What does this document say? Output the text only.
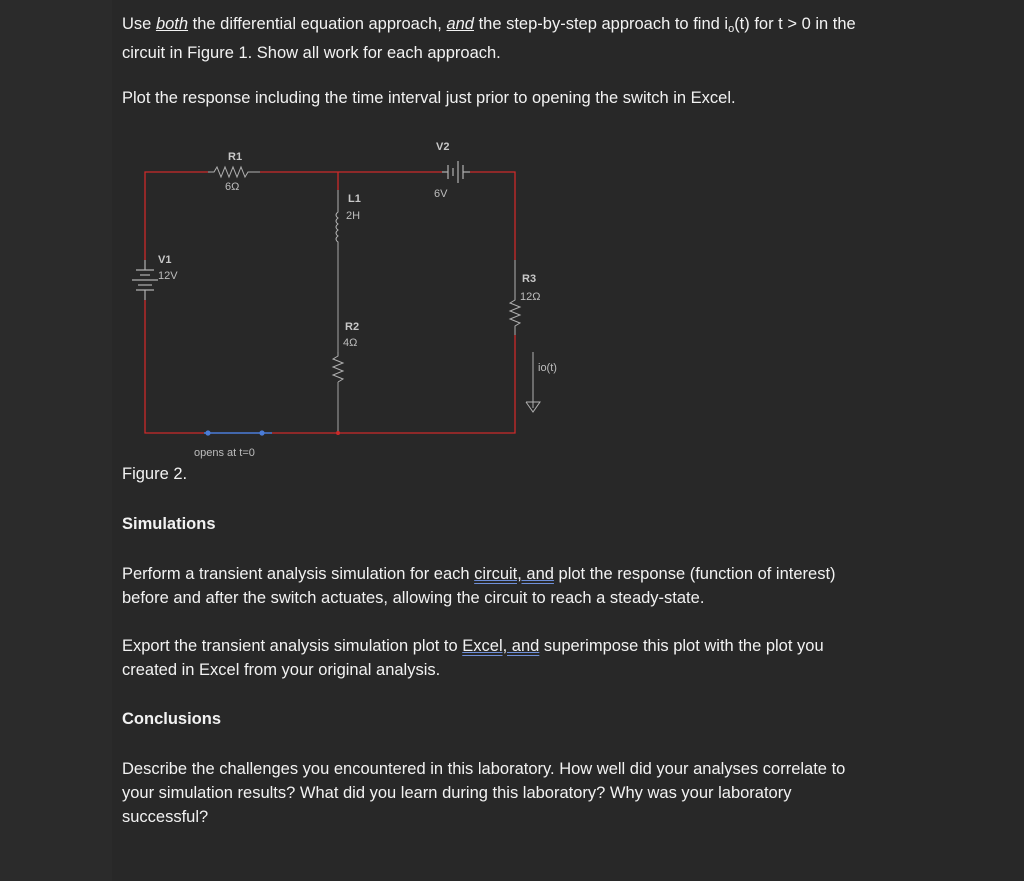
Use both the differential equation approach, and the step-by-step approach to find $i_o(t)$ for t > 0 in the
circuit in Figure 1. Show all work for each approach.
Plot the response including the time interval just prior to opening the switch in Excel.
R1
6Ω
V2
6V
L1
2H
V1
12V	R3
12Ω
R2
4Ω
io(t)
opens at t=0
Figure 2.
Simulations
Perform a transient analysis simulation for each circuit, and plot the response (function of interest)
before and after the switch actuates, allowing the circuit to reach a steady-state.
Export the transient analysis simulation plot to Excel, and superimpose this plot with the plot you
created in Excel from your original analysis.
Conclusions
Describe the challenges you encountered in this laboratory. How well did your analyses correlate to
your simulation results? What did you learn during this laboratory? Why was your laboratory
successful?
